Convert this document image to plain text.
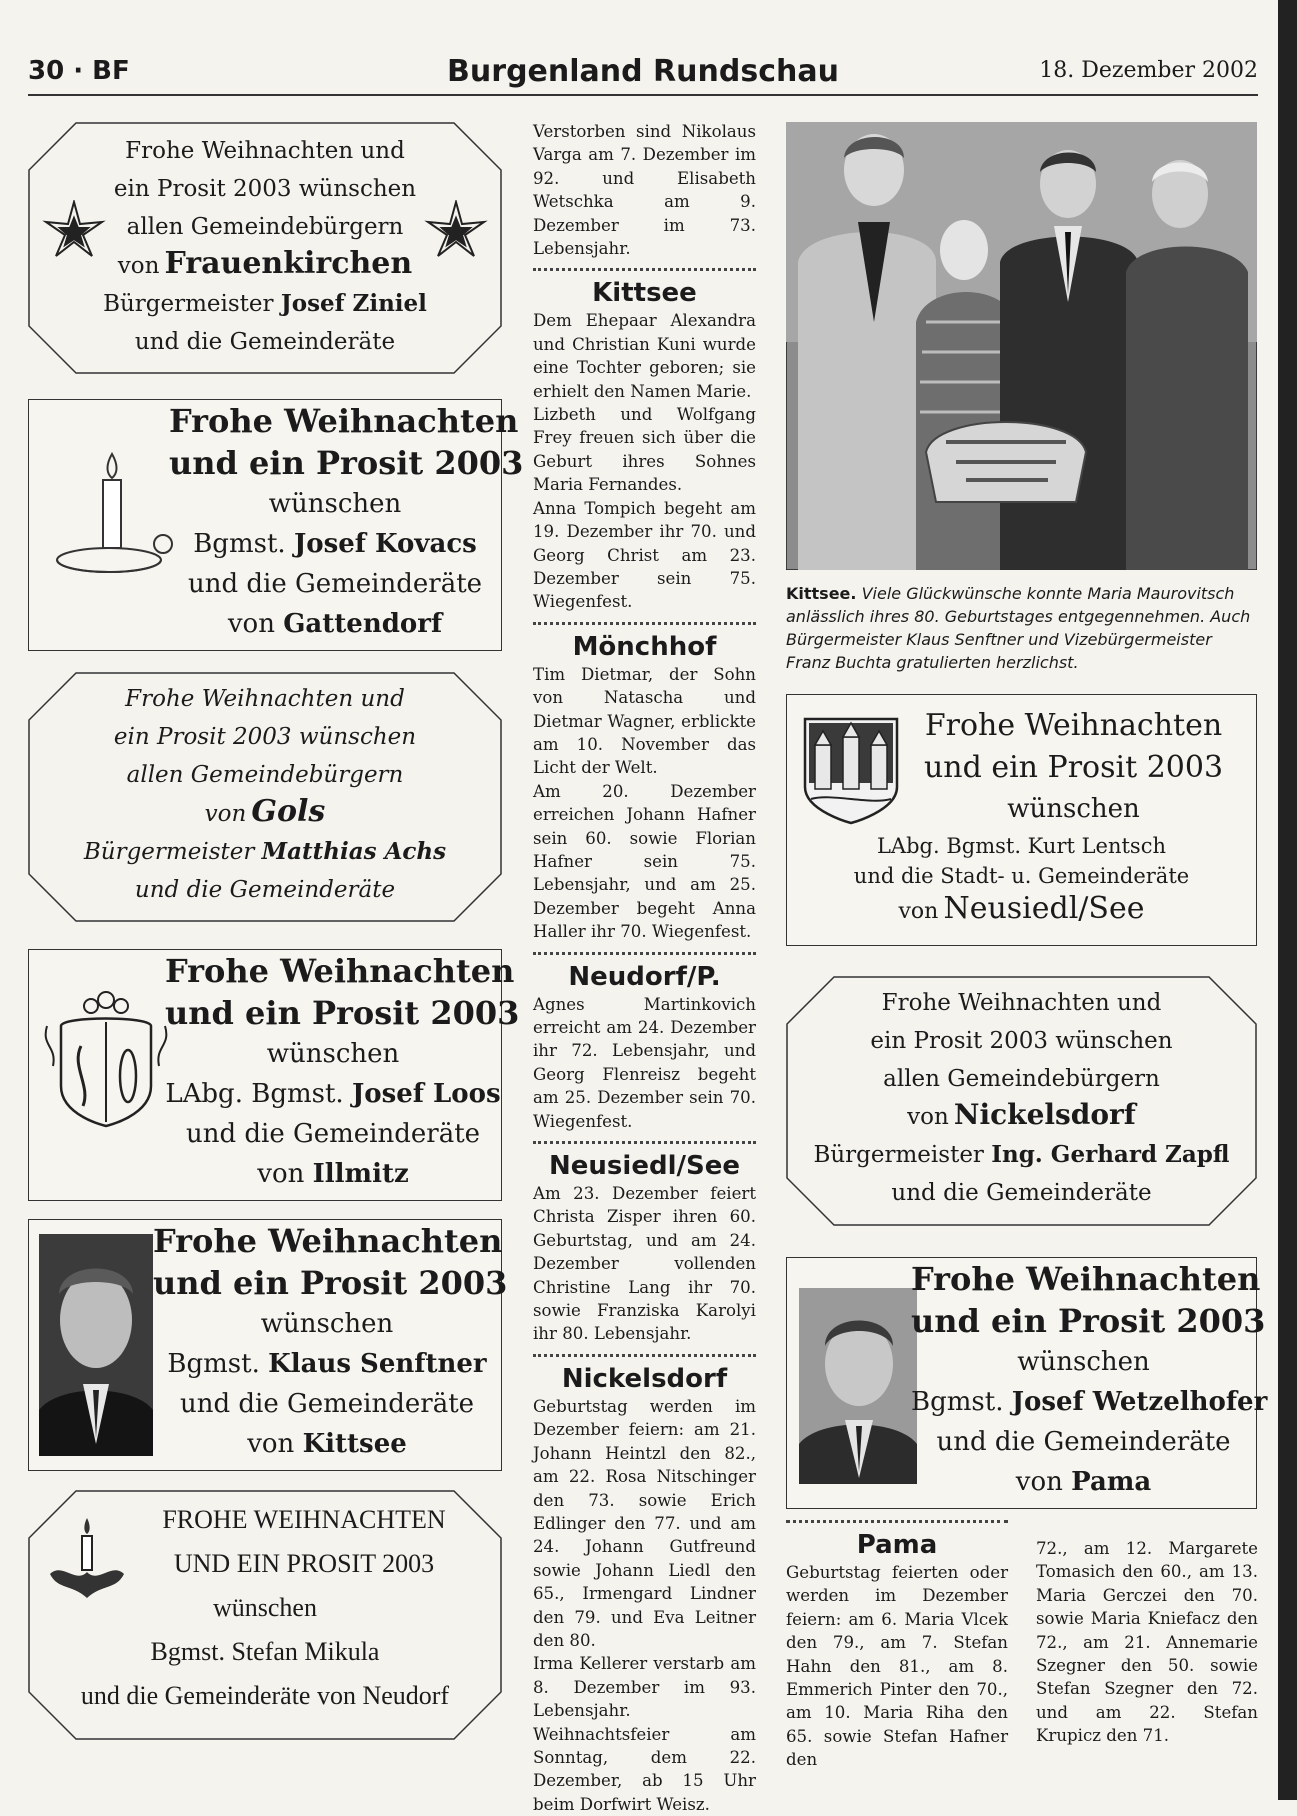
30 · BF	Burgenland Rundschau	18. Dezember 2002
Frohe Weihnachten und
ein Prosit 2003 wünschen
allen Gemeindebürgern
von Frauenkirchen
Bürgermeister Josef Ziniel
und die Gemeinderäte
Frohe Weihnachten
und ein Prosit 2003
wünschen
Bgmst. Josef Kovacs
und die Gemeinderäte
von Gattendorf
Frohe Weihnachten und
ein Prosit 2003 wünschen
allen Gemeindebürgern
von Gols
Bürgermeister Matthias Achs
und die Gemeinderäte
Frohe Weihnachten
und ein Prosit 2003
wünschen
LAbg. Bgmst. Josef Loos
und die Gemeinderäte
von Illmitz
Frohe Weihnachten
und ein Prosit 2003
wünschen
Bgmst. Klaus Senftner
und die Gemeinderäte
von Kittsee
FROHE WEIHNACHTEN
UND EIN PROSIT 2003
wünschen
Bgmst. Stefan Mikula
und die Gemeinderäte von Neudorf

Verstorben sind Nikolaus Varga am 7. Dezember im 92. und Elisabeth Wetschka am 9. Dezember im 73. Lebensjahr.

Kittsee

Dem Ehepaar Alexandra und Christian Kuni wurde eine Tochter geboren; sie erhielt den Namen Marie.

Lizbeth und Wolfgang Frey freuen sich über die Geburt ihres Sohnes Maria Fernandes.

Anna Tompich begeht am 19. Dezember ihr 70. und Georg Christ am 23. Dezember sein 75. Wiegenfest.

Mönchhof

Tim Dietmar, der Sohn von Natascha und Dietmar Wagner, erblickte am 10. November das Licht der Welt.

Am 20. Dezember erreichen Johann Hafner sein 60. sowie Florian Hafner sein 75. Lebensjahr, und am 25. Dezember begeht Anna Haller ihr 70. Wiegenfest.

Neudorf/P.

Agnes Martinkovich erreicht am 24. Dezember ihr 72. Lebensjahr, und Georg Flenreisz begeht am 25. Dezember sein 70. Wiegenfest.

Neusiedl/See

Am 23. Dezember feiert Christa Zisper ihren 60. Geburtstag, und am 24. Dezember vollenden Christine Lang ihr 70. sowie Franziska Karolyi ihr 80. Lebensjahr.

Nickelsdorf

Geburtstag werden im Dezember feiern: am 21. Johann Heintzl den 82., am 22. Rosa Nitschinger den 73. sowie Erich Edlinger den 77. und am 24. Johann Gutfreund sowie Johann Liedl den 65., Irmengard Lindner den 79. und Eva Leitner den 80.

Irma Kellerer verstarb am 8. Dezember im 93. Lebensjahr.

Weihnachtsfeier am Sonntag, dem 22. Dezember, ab 15 Uhr beim Dorfwirt Weisz.

Kittsee. Viele Glückwünsche konnte Maria Maurovitsch anlässlich ihres 80. Geburtstages entgegennehmen. Auch Bürgermeister Klaus Senftner und Vizebürgermeister Franz Buchta gratulierten herzlichst.
Frohe Weihnachten
und ein Prosit 2003
wünschen
LAbg. Bgmst. Kurt Lentsch
und die Stadt- u. Gemeinderäte
von Neusiedl/See
Frohe Weihnachten und
ein Prosit 2003 wünschen
allen Gemeindebürgern
von Nickelsdorf
Bürgermeister Ing. Gerhard Zapfl
und die Gemeinderäte
Frohe Weihnachten
und ein Prosit 2003
wünschen
Bgmst. Josef Wetzelhofer
und die Gemeinderäte
von Pama
Pama

Geburtstag feierten oder werden im Dezember feiern: am 6. Maria Vlcek den 79., am 7. Stefan Hahn den 81., am 8. Emmerich Pinter den 70., am 10. Maria Riha den 65. sowie Stefan Hafner den

72., am 12. Margarete Tomasich den 60., am 13. Maria Gerczei den 70. sowie Maria Kniefacz den 72., am 21. Annemarie Szegner den 50. sowie Stefan Szegner den 72. und am 22. Stefan Krupicz den 71.
